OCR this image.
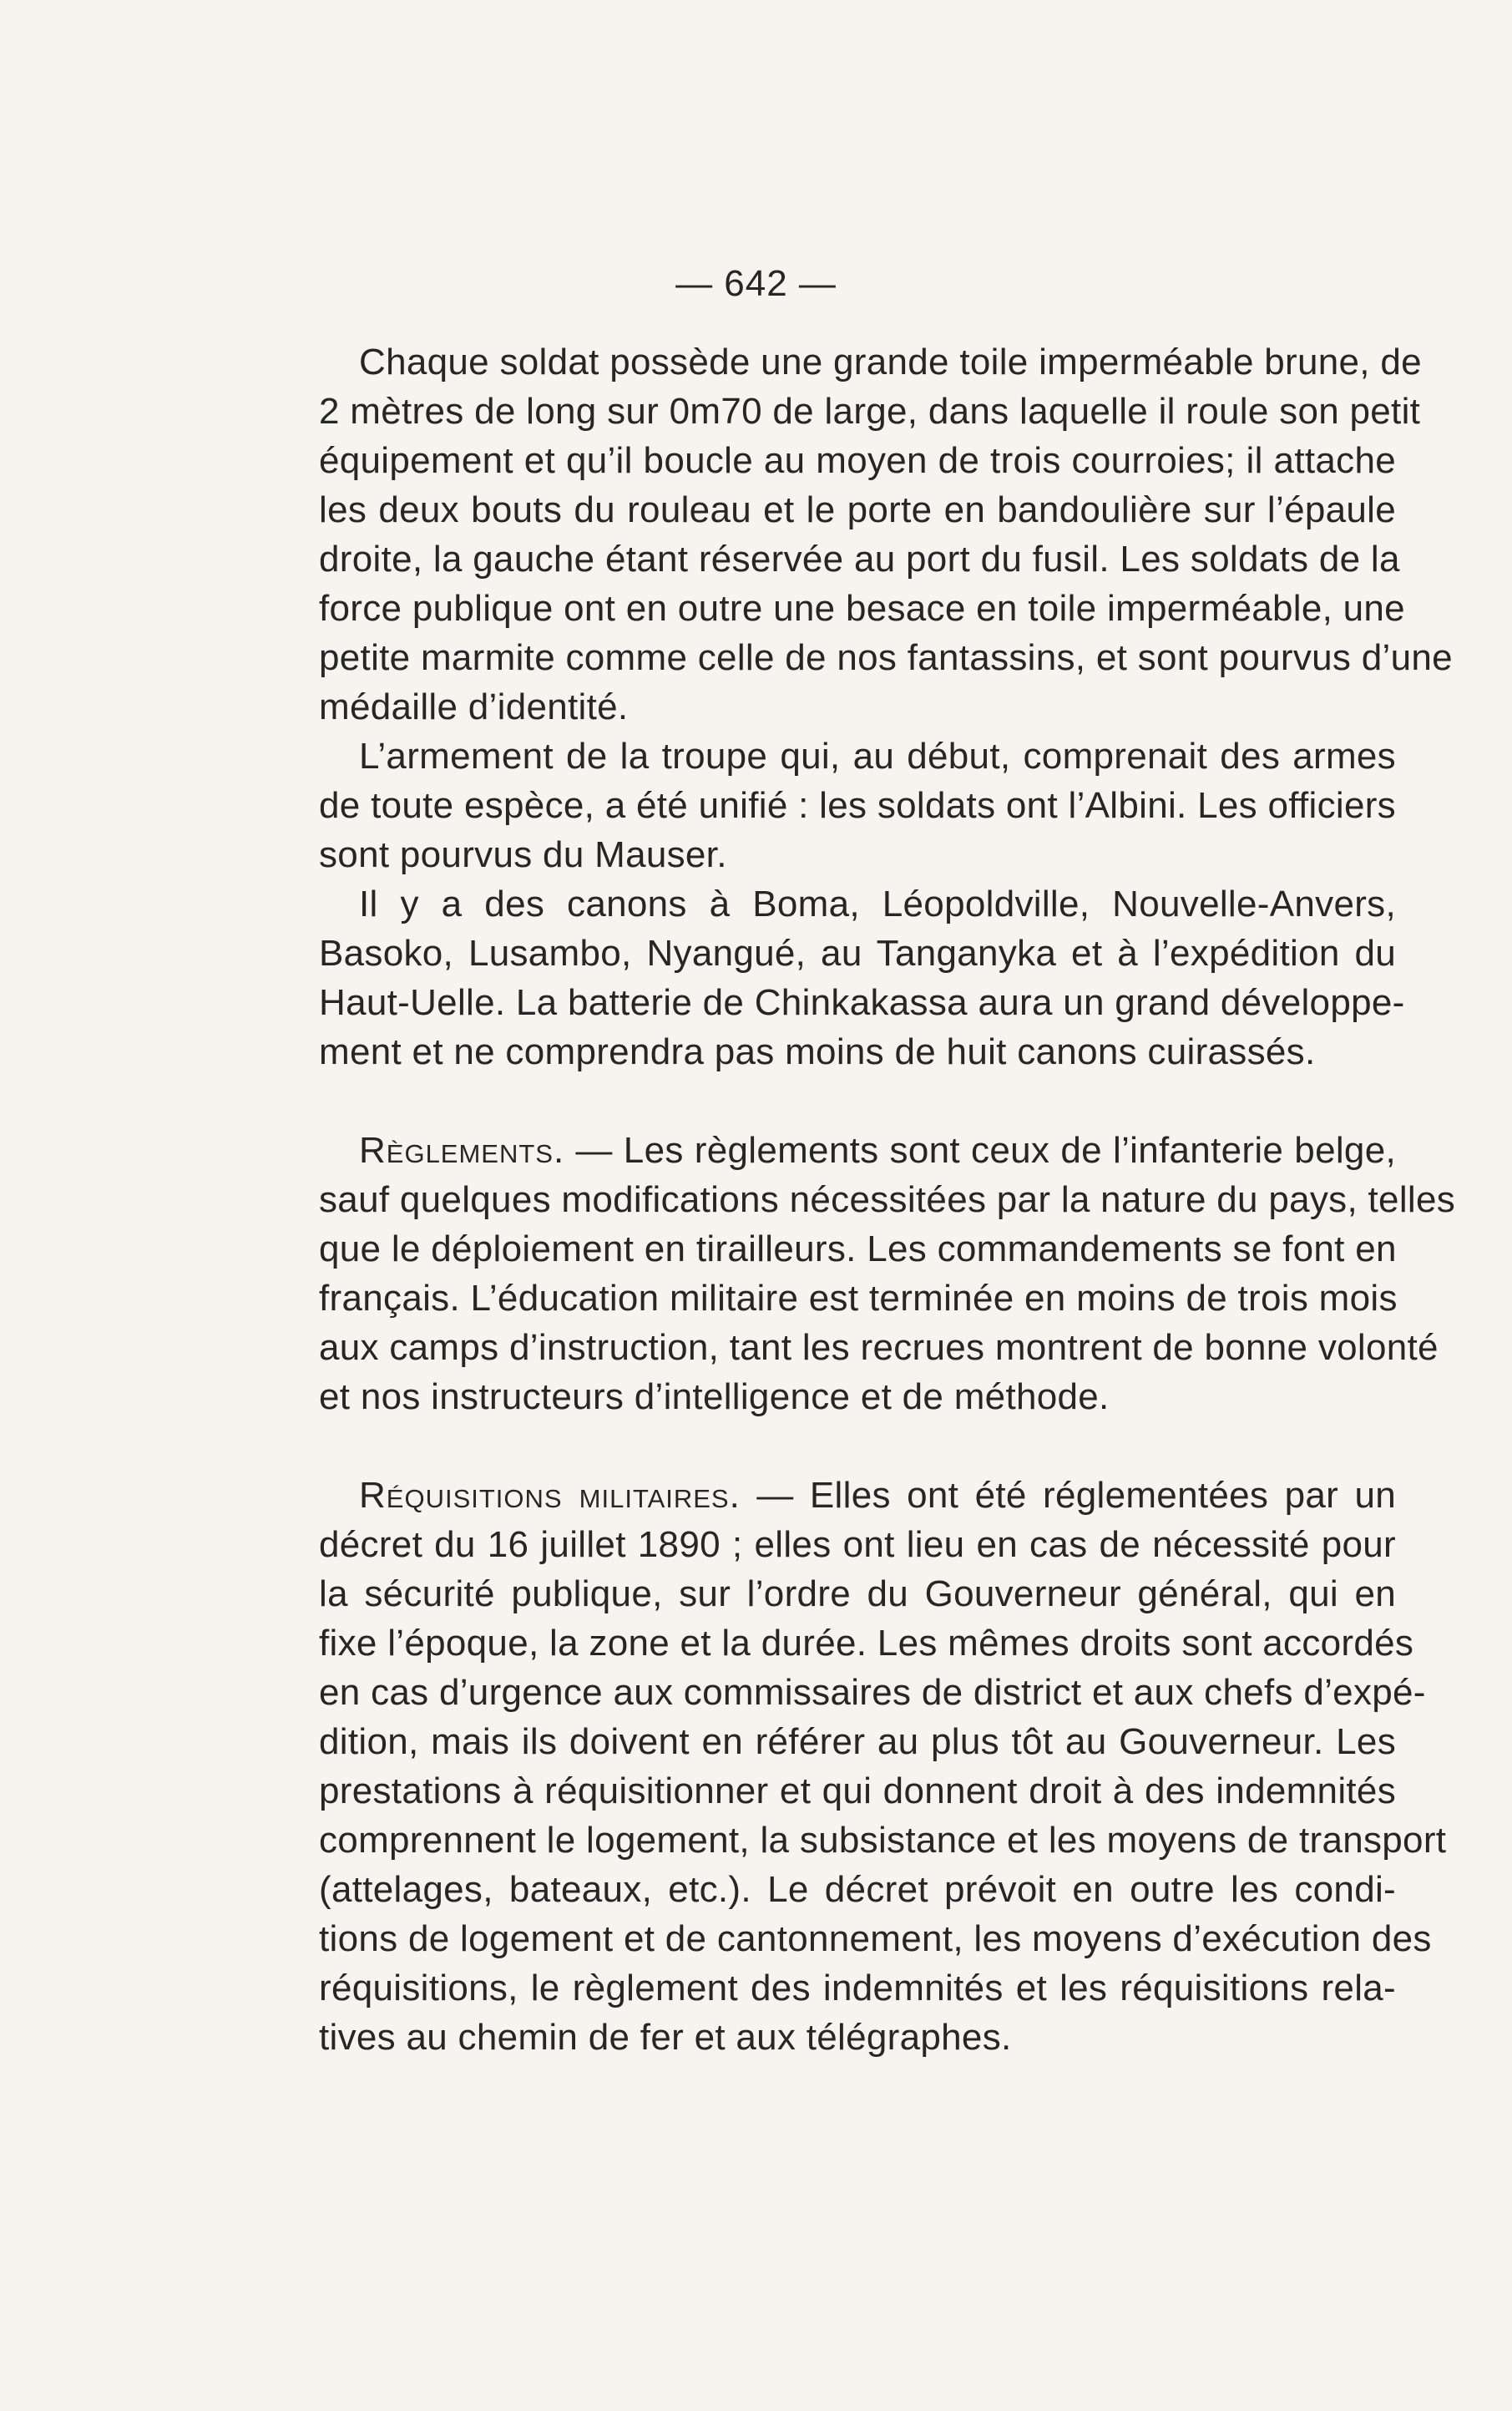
— 642 —
Chaque soldat possède une grande toile imperméable brune, de
2 mètres de long sur 0m70 de large, dans laquelle il roule son petit
équipement et qu’il boucle au moyen de trois courroies; il attache
les deux bouts du rouleau et le porte en bandoulière sur l’épaule
droite, la gauche étant réservée au port du fusil. Les soldats de la
force publique ont en outre une besace en toile imperméable, une
petite marmite comme celle de nos fantassins, et sont pourvus d’une
médaille d’identité.
L’armement de la troupe qui, au début, comprenait des armes
de toute espèce, a été unifié : les soldats ont l’Albini. Les officiers
sont pourvus du Mauser.
Il y a des canons à Boma, Léopoldville, Nouvelle-Anvers,
Basoko, Lusambo, Nyangué, au Tanganyka et à l’expédition du
Haut-Uelle. La batterie de Chinkakassa aura un grand développe-
ment et ne comprendra pas moins de huit canons cuirassés.
Règlements. — Les règlements sont ceux de l’infanterie belge,
sauf quelques modifications nécessitées par la nature du pays, telles
que le déploiement en tirailleurs. Les commandements se font en
français. L’éducation militaire est terminée en moins de trois mois
aux camps d’instruction, tant les recrues montrent de bonne volonté
et nos instructeurs d’intelligence et de méthode.
Réquisitions militaires. — Elles ont été réglementées par un
décret du 16 juillet 1890 ; elles ont lieu en cas de nécessité pour
la sécurité publique, sur l’ordre du Gouverneur général, qui en
fixe l’époque, la zone et la durée. Les mêmes droits sont accordés
en cas d’urgence aux commissaires de district et aux chefs d’expé-
dition, mais ils doivent en référer au plus tôt au Gouverneur. Les
prestations à réquisitionner et qui donnent droit à des indemnités
comprennent le logement, la subsistance et les moyens de transport
(attelages, bateaux, etc.). Le décret prévoit en outre les condi-
tions de logement et de cantonnement, les moyens d’exécution des
réquisitions, le règlement des indemnités et les réquisitions rela-
tives au chemin de fer et aux télégraphes.
